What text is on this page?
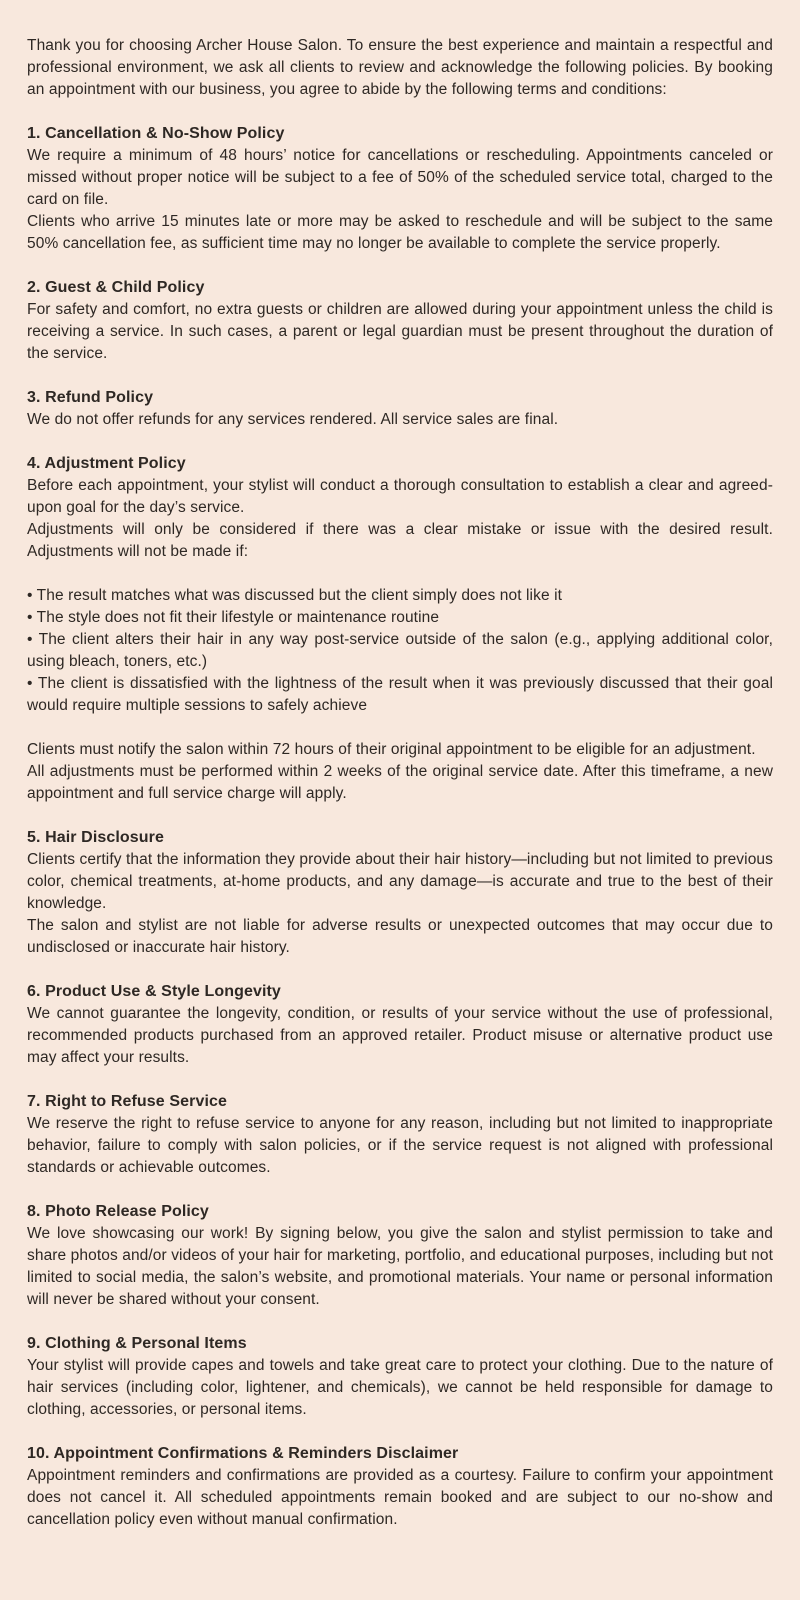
Thank you for choosing Archer House Salon. To ensure the best experience and maintain a respectful and professional environment, we ask all clients to review and acknowledge the following policies. By booking an appointment with our business, you agree to abide by the following terms and conditions:

1. Cancellation & No-Show Policy

We require a minimum of 48 hours’ notice for cancellations or rescheduling. Appointments canceled or missed without proper notice will be subject to a fee of 50% of the scheduled service total, charged to the card on file.

Clients who arrive 15 minutes late or more may be asked to reschedule and will be subject to the same 50% cancellation fee, as sufficient time may no longer be available to complete the service properly.

2. Guest & Child Policy

For safety and comfort, no extra guests or children are allowed during your appointment unless the child is receiving a service. In such cases, a parent or legal guardian must be present throughout the duration of the service.

3. Refund Policy

We do not offer refunds for any services rendered. All service sales are final.

4. Adjustment Policy

Before each appointment, your stylist will conduct a thorough consultation to establish a clear and agreed-upon goal for the day’s service.

Adjustments will only be considered if there was a clear mistake or issue with the desired result. Adjustments will not be made if:

• The result matches what was discussed but the client simply does not like it

• The style does not fit their lifestyle or maintenance routine

• The client alters their hair in any way post-service outside of the salon (e.g., applying additional color, using bleach, toners, etc.)

• The client is dissatisfied with the lightness of the result when it was previously discussed that their goal would require multiple sessions to safely achieve

Clients must notify the salon within 72 hours of their original appointment to be eligible for an adjustment.

All adjustments must be performed within 2 weeks of the original service date. After this timeframe, a new appointment and full service charge will apply.

5. Hair Disclosure

Clients certify that the information they provide about their hair history—including but not limited to previous color, chemical treatments, at-home products, and any damage—is accurate and true to the best of their knowledge.

The salon and stylist are not liable for adverse results or unexpected outcomes that may occur due to undisclosed or inaccurate hair history.

6. Product Use & Style Longevity

We cannot guarantee the longevity, condition, or results of your service without the use of professional, recommended products purchased from an approved retailer. Product misuse or alternative product use may affect your results.

7. Right to Refuse Service

We reserve the right to refuse service to anyone for any reason, including but not limited to inappropriate behavior, failure to comply with salon policies, or if the service request is not aligned with professional standards or achievable outcomes.

8. Photo Release Policy

We love showcasing our work! By signing below, you give the salon and stylist permission to take and share photos and/or videos of your hair for marketing, portfolio, and educational purposes, including but not limited to social media, the salon’s website, and promotional materials. Your name or personal information will never be shared without your consent.

9. Clothing & Personal Items

Your stylist will provide capes and towels and take great care to protect your clothing. Due to the nature of hair services (including color, lightener, and chemicals), we cannot be held responsible for damage to clothing, accessories, or personal items.

10. Appointment Confirmations & Reminders Disclaimer

Appointment reminders and confirmations are provided as a courtesy. Failure to confirm your appointment does not cancel it. All scheduled appointments remain booked and are subject to our no-show and cancellation policy even without manual confirmation.
